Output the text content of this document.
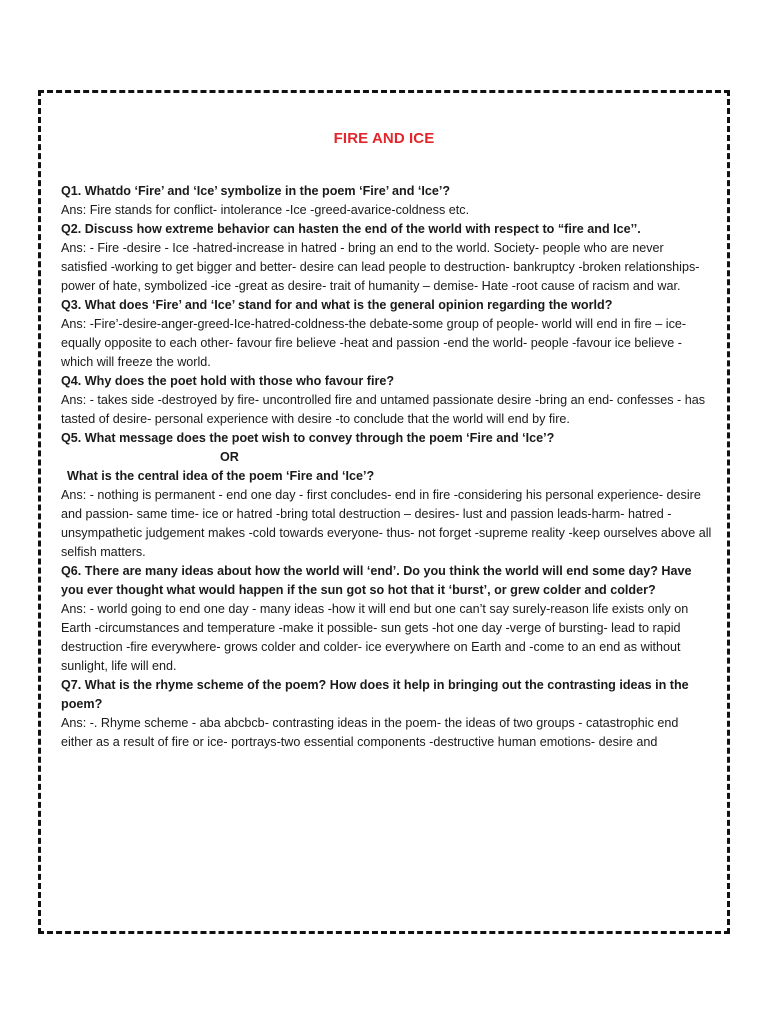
FIRE AND ICE

Q1. Whatdo ‘Fire’ and ‘Ice’ symbolize in the poem ‘Fire’ and ‘Ice’?

Ans: Fire stands for conflict- intolerance -Ice -greed-avarice-coldness etc.

Q2. Discuss how extreme behavior can hasten the end of the world with respect to “fire and Ice’’.

Ans: - Fire -desire - Ice -hatred-increase in hatred - bring an end to the world. Society- people who are never satisfied -working to get bigger and better- desire can lead people to destruction- bankruptcy -broken relationships- power of hate, symbolized -ice -great as desire- trait of humanity – demise- Hate -root cause of racism and war.

Q3. What does ‘Fire’ and ‘Ice’ stand for and what is the general opinion regarding the world?

Ans: -Fire’-desire-anger-greed-Ice-hatred-coldness-the debate-some group of people- world will end in fire – ice- equally opposite to each other- favour fire believe -heat and passion -end the world- people -favour ice believe - which will freeze the world.

Q4. Why does the poet hold with those who favour fire?

Ans: - takes side -destroyed by fire- uncontrolled fire and untamed passionate desire -bring an end- confesses - has tasted of desire- personal experience with desire -to conclude that the world will end by fire.

Q5. What message does the poet wish to convey through the poem ‘Fire and ‘Ice’?

OR

What is the central idea of the poem ‘Fire and ‘Ice’?

Ans: - nothing is permanent - end one day - first concludes- end in fire -considering his personal experience- desire and passion- same time- ice or hatred -bring total destruction – desires- lust and passion leads-harm- hatred -unsympathetic judgement makes -cold towards everyone- thus- not forget -supreme reality -keep ourselves above all selfish matters.

Q6. There are many ideas about how the world will ‘end’. Do you think the world will end some day? Have you ever thought what would happen if the sun got so hot that it ‘burst’, or grew colder and colder?

Ans: - world going to end one day - many ideas -how it will end but one can’t say surely-reason life exists only on Earth -circumstances and temperature -make it possible- sun gets -hot one day -verge of bursting- lead to rapid destruction -fire everywhere- grows colder and colder- ice everywhere on Earth and -come to an end as without sunlight, life will end.

Q7. What is the rhyme scheme of the poem? How does it help in bringing out the contrasting ideas in the poem?

Ans: -. Rhyme scheme - aba abcbcb- contrasting ideas in the poem- the ideas of two groups - catastrophic end either as a result of fire or ice- portrays-two essential components -destructive human emotions- desire and
